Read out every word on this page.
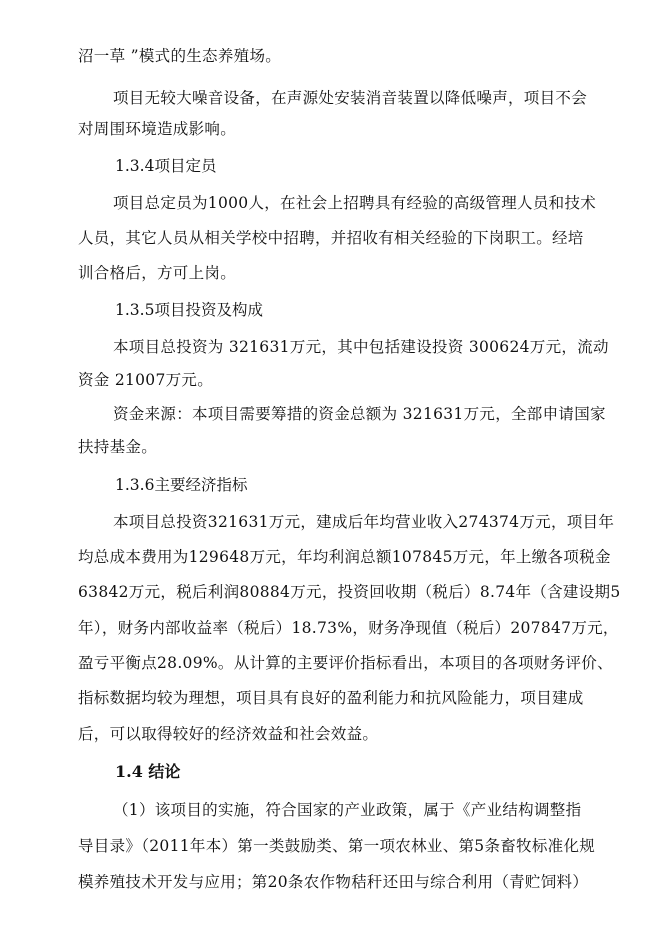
沼一草 ”模式的生态养殖场。
项目无较大噪音设备，在声源处安装消音装置以降低噪声，项目不会
对周围环境造成影响。
1.3.4项目定员
项目总定员为1000人，在社会上招聘具有经验的高级管理人员和技术
人员，其它人员从相关学校中招聘，并招收有相关经验的下岗职工。经培
训合格后，方可上岗。
1.3.5项目投资及构成
本项目总投资为 321631万元，其中包括建设投资 300624万元，流动
资金 21007万元。
资金来源：本项目需要筹措的资金总额为 321631万元，全部申请国家
扶持基金。
1.3.6主要经济指标
本项目总投资321631万元，建成后年均营业收入274374万元，项目年
均总成本费用为129648万元，年均利润总额107845万元，年上缴各项税金
63842万元，税后利润80884万元，投资回收期（税后）8.74年（含建设期5
年），财务内部收益率（税后）18.73%，财务净现值（税后）207847万元，
盈亏平衡点28.09%。从计算的主要评价指标看出，本项目的各项财务评价、
指标数据均较为理想，项目具有良好的盈利能力和抗风险能力，项目建成
后，可以取得较好的经济效益和社会效益。
1.4 结论
（1）该项目的实施，符合国家的产业政策，属于《产业结构调整指
导目录》（2011年本）第一类鼓励类、第一项农林业、第5条畜牧标准化规
模养殖技术开发与应用；第20条农作物秸秆还田与综合利用（青贮饲料）
